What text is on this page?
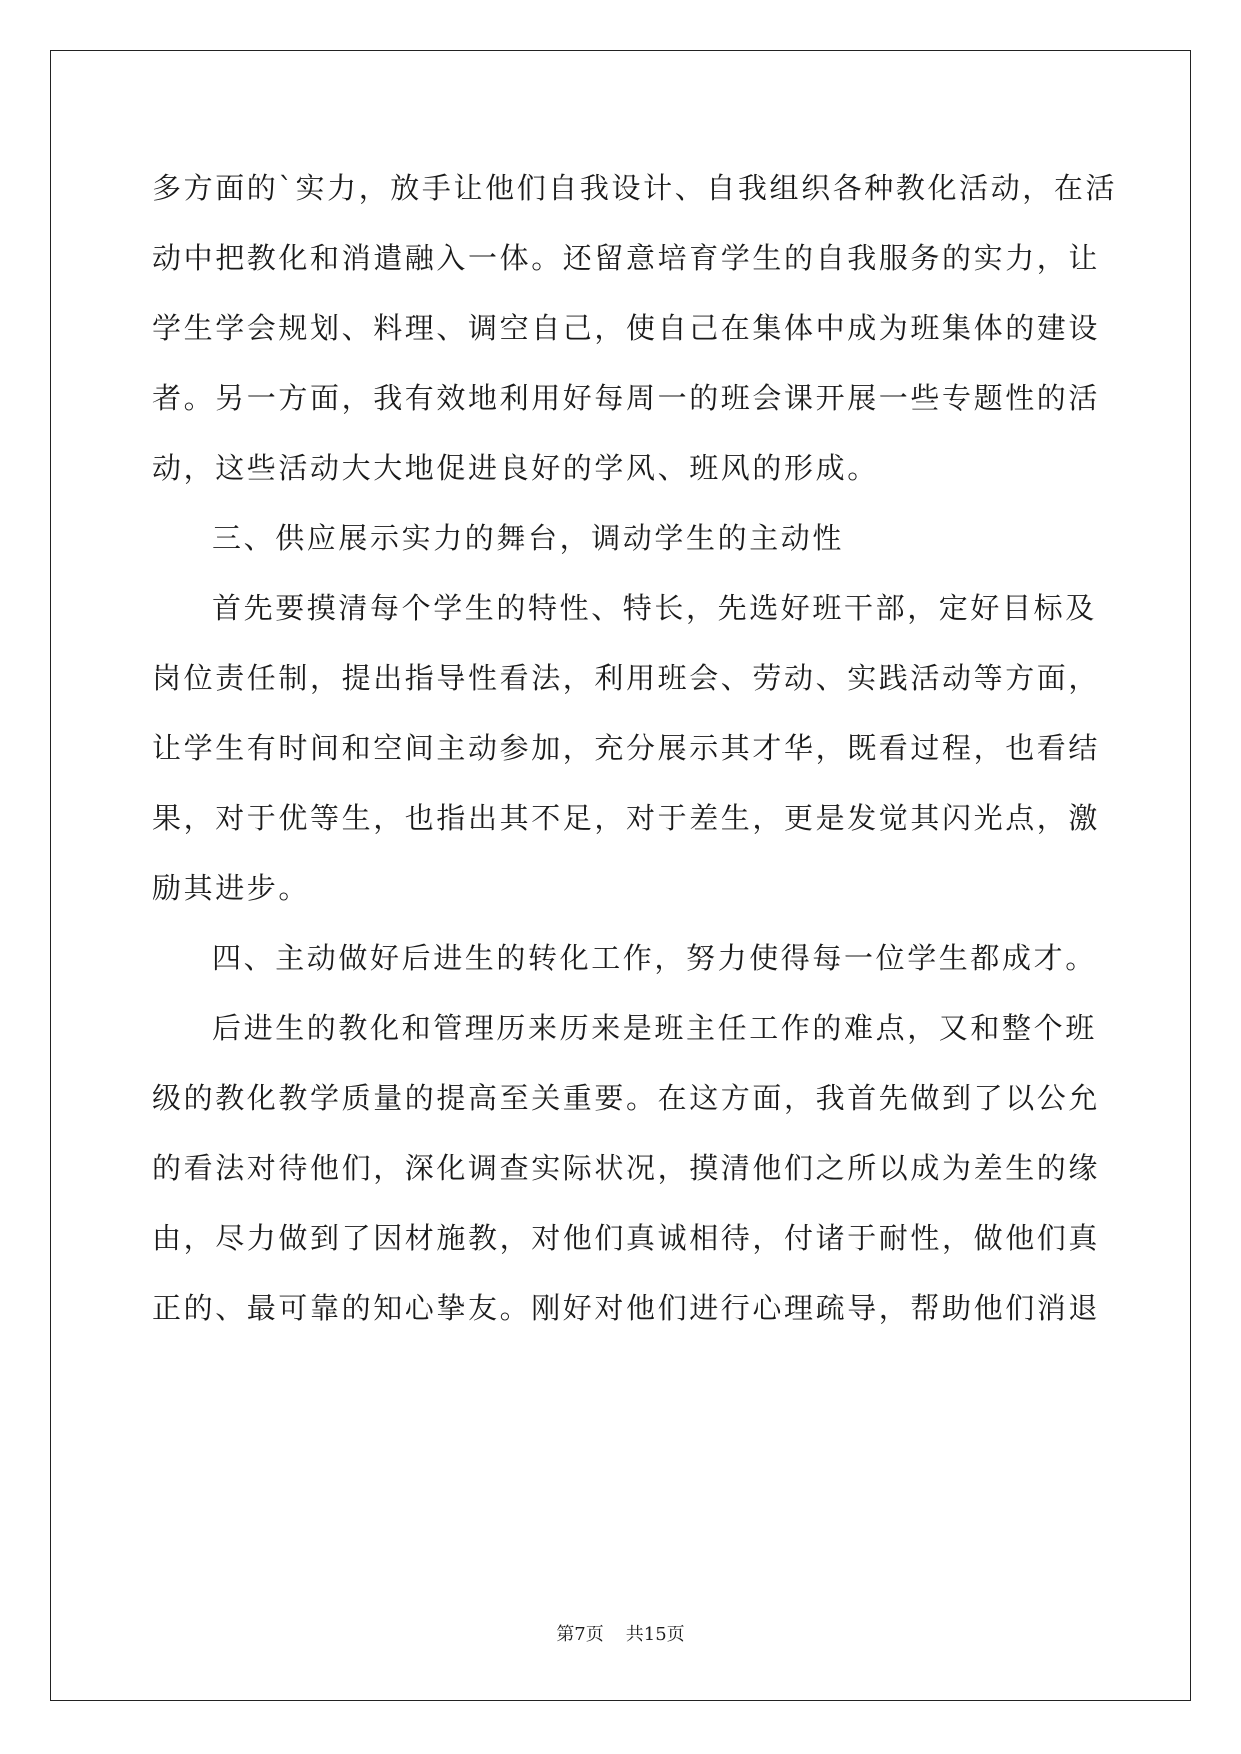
多方面的`实力，放手让他们自我设计、自我组织各种教化活动，在活
动中把教化和消遣融入一体。还留意培育学生的自我服务的实力，让
学生学会规划、料理、调空自己，使自己在集体中成为班集体的建设
者。另一方面，我有效地利用好每周一的班会课开展一些专题性的活
动，这些活动大大地促进良好的学风、班风的形成。
三、供应展示实力的舞台，调动学生的主动性
首先要摸清每个学生的特性、特长，先选好班干部，定好目标及
岗位责任制，提出指导性看法，利用班会、劳动、实践活动等方面，
让学生有时间和空间主动参加，充分展示其才华，既看过程，也看结
果，对于优等生，也指出其不足，对于差生，更是发觉其闪光点，激
励其进步。
四、主动做好后进生的转化工作，努力使得每一位学生都成才。
后进生的教化和管理历来历来是班主任工作的难点，又和整个班
级的教化教学质量的提高至关重要。在这方面，我首先做到了以公允
的看法对待他们，深化调查实际状况，摸清他们之所以成为差生的缘
由，尽力做到了因材施教，对他们真诚相待，付诸于耐性，做他们真
正的、最可靠的知心挚友。刚好对他们进行心理疏导，帮助他们消退
第7页 共15页
